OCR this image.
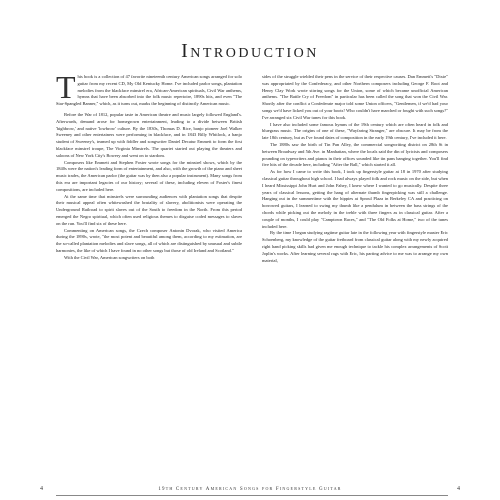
Introduction

This book is a collection of 47 favorite nineteenth century American songs arranged for solo guitar from my recent CD, My Old Kentucky Home. I've included parlor songs, plantation melodies from the blackface minstrel era, African-American spirituals, Civil War anthems, hymns that have been absorbed into the folk music repertoire, 1890s hits, and even "The Star-Spangled Banner," which, as it turns out, marks the beginning of distinctly American music.

Before the War of 1812, popular taste in American theatre and music largely followed England's. Afterwards, demand arose for homegrown entertainment, leading to a divide between British 'highbrow,' and native 'lowbrow' culture. By the 1830s, Thomas D. Rice, banjo pioneer Joel Walker Sweeney and other entertainers were performing in blackface, and in 1843 Billy Whitlock, a banjo student of Sweeney's, teamed up with fiddler and songwriter Daniel Decatur Emmett to form the first blackface minstrel troupe, The Virginia Minstrels. The quartet started out playing the theaters and saloons of New York City's Bowery and went on to stardom.

Composers like Emmett and Stephen Foster wrote songs for the minstrel shows, which by the 1840s were the nation's leading form of entertainment, and also, with the growth of the piano and sheet music trades, the American parlor (the guitar was by then also a popular instrument). Many songs from this era are important legacies of our history; several of these, including eleven of Foster's finest compositions, are included here.

At the same time that minstrels were surrounding audiences with plantation songs that despite their musical appeal often whitewashed the brutality of slavery, abolitionists were operating the Underground Railroad to spirit slaves out of the South to freedom in the North. From this period emerged the Negro spiritual, which often used religious themes to disguise coded messages to slaves on the run. You'll find six of these here.

Commenting on American songs, the Czech composer Antonin Dvorak, who visited America during the 1890s, wrote, "the most potent and beautiful among them, according to my estimation, are the so-called plantation melodies and slave songs, all of which are distinguished by unusual and subtle harmonies, the like of which I have found in no other songs but those of old Ireland and Scotland."

With the Civil War, American songwriters on both

sides of the struggle wielded their pens in the service of their respective causes. Dan Emmett's "Dixie" was appropriated by the Confederacy, and other Northern composers including George F. Root and Henry Clay Work wrote stirring songs for the Union, some of which became unofficial American anthems. "The Battle Cry of Freedom" in particular has been called the song that won the Civil War. Shortly after the conflict a Confederate major told some Union officers, "Gentlemen, if we'd had your songs we'd have licked you out of your boots! Who couldn't have marched or fought with such songs?" I've arranged six Civil War tunes for this book.

I have also included some famous hymns of the 19th century which are often heard in folk and bluegrass music. The origins of one of these, "Wayfaring Stranger," are obscure. It may be from the late 18th century, but as I've found dates of composition in the early 19th century, I've included it here.

The 1880s saw the birth of Tin Pan Alley, the commercial songwriting district on 28th St in between Broadway and 5th Ave. in Manhattan, where the locals said the din of lyricists and composers pounding on typewriters and pianos in their offices sounded like tin pans banging together. You'll find five hits of the decade here, including "After the Ball," which started it all.

As for how I came to write this book, I took up fingerstyle guitar at 18 in 1970 after studying classical guitar throughout high school. I had always played folk and rock music on the side, but when I heard Mississippi John Hurt and John Fahey, I knew where I wanted to go musically. Despite three years of classical lessons, getting the hang of alternate thumb fingerpicking was still a challenge. Hanging out in the summertime with the hippies at Sproul Plaza in Berkeley CA and practicing on borrowed guitars, I learned to swing my thumb like a pendulum in between the bass strings of the chords while picking out the melody in the treble with three fingers as in classical guitar. After a couple of months, I could play "Camptown Races," and "The Old Folks at Home," two of the tunes included here.

By the time I began studying ragtime guitar late in the following year with fingerstyle master Eric Schoenberg, my knowledge of the guitar fretboard from classical guitar along with my newly acquired right hand picking skills had given me enough technique to tackle his complex arrangements of Scott Joplin's works. After learning several rags with Eric, his parting advice to me was to arrange my own material,

4	19th Century American Songs for Fingerstyle Guitar	4
